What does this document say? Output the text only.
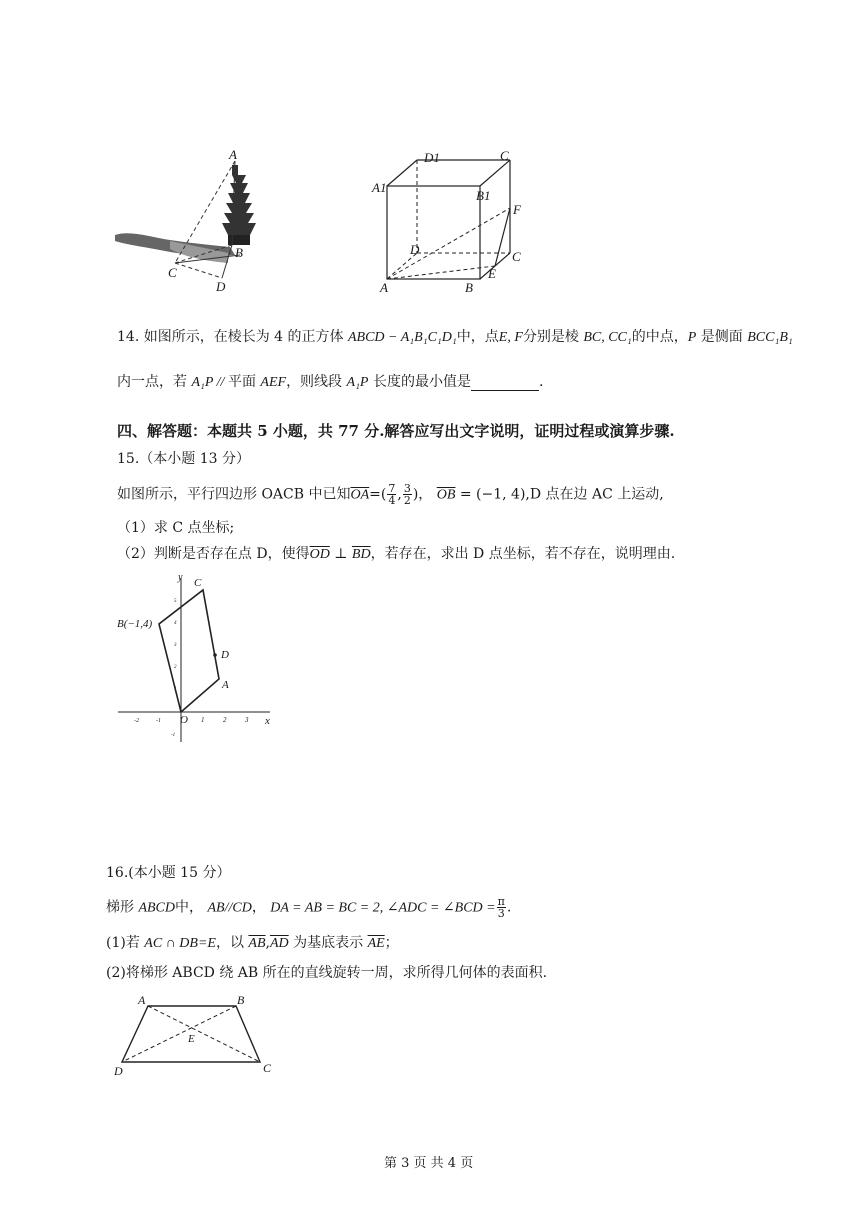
A
B
C
D
D1	C
A1
B1
F
D	C
E
A	B
14. 如图所示，在棱长为 4 的正方体 ABCD − A₁B₁C₁D₁中，点E, F分别是棱 BC, CC₁的中点，P 是侧面 BCC₁B₁
内一点，若 A₁P // 平面 AEF，则线段 A₁P 长度的最小值是	.
四、解答题：本题共 5 小题，共 77 分.解答应写出文字说明，证明过程或演算步骤.
15.（本小题 13 分）
如图所示，平行四边形 OACB 中已知$\overline{OA}=( \frac{7}{4}$ , $\frac{3}{2}$ )， $\overline{OB} = (-1$, 4),D 点在边 AC 上运动,
（1）求 C 点坐标;
（2）判断是否存在点 D，使得$\overline{OD}$ ⊥ $\overline{BD}$，若存在，求出 D 点坐标，若不存在，说明理由.
x
y
-2	-1	1	2	3
5
4
3
2
1
-1
B(−1,4)
C
D
A
O
16.(本小题 15 分）
梯形 ABCD中， AB//CD， DA = AB = BC = 2, ∠ADC = ∠BCD = $\frac{\pi}{3}$ .
(1)若 AC ∩ DB=E，以 $\overline{AB},\overline{AD}$ 为基底表示 $\overline{AE}$；
(2)将梯形 ABCD 绕 AB 所在的直线旋转一周，求所得几何体的表面积.
A	B
E
D	C
第 3 页 共 4 页
